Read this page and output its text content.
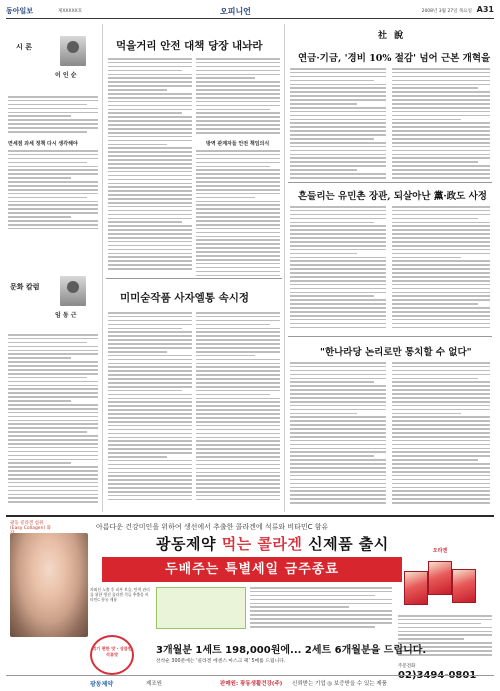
동아일보	제XXXXX호	오피니언	2008년 3월 27일 목요일 A31
시 론
이 인 순
면세점 과세 정책 다시 생각해야
문화 칼럼
임 동 근
먹을거리 안전 대책 당장 내놔라
방역 관계자들 안전 책임의식
미미숟작품 사자엘통 속시정
社 說
연금·기금, '경비 10% 절감' 넘어 근본 개혁을
흔들리는 유민촌 장관, 되살아난 黨·政도 사정
"한나라당 논리로만 통치할 수 없다"
광동 콜라겐 섭취 (Easy Collagen) 화	아름다운 건강미인을 위하여 생선에서 추출한 콜라겐에 석류와 비타민C 함유
광동제약 먹는 콜라겐 신제품 출시
두배주는 특별세일 금주종료
오라겐
자외선 노출 후 피부 보습, 탄력 관리를 위한 생선 콜라겐 석류 추출물 비타민C 함유 제품
먹기 편한 맛 · 상큼한 석류맛	3개월분 1세트 198,000원에... 2세트 6개월분을 드립니다.
선착순 300분에는 ‘콜라겐 에센스 마스크 팩’ 5매를 드립니다.
주문전화
02)3494-0801
광동제약	제조원	판매원: 광동생활건강(주) 신뢰받는 기업 ◎ 보증받을 수 있는 제품
